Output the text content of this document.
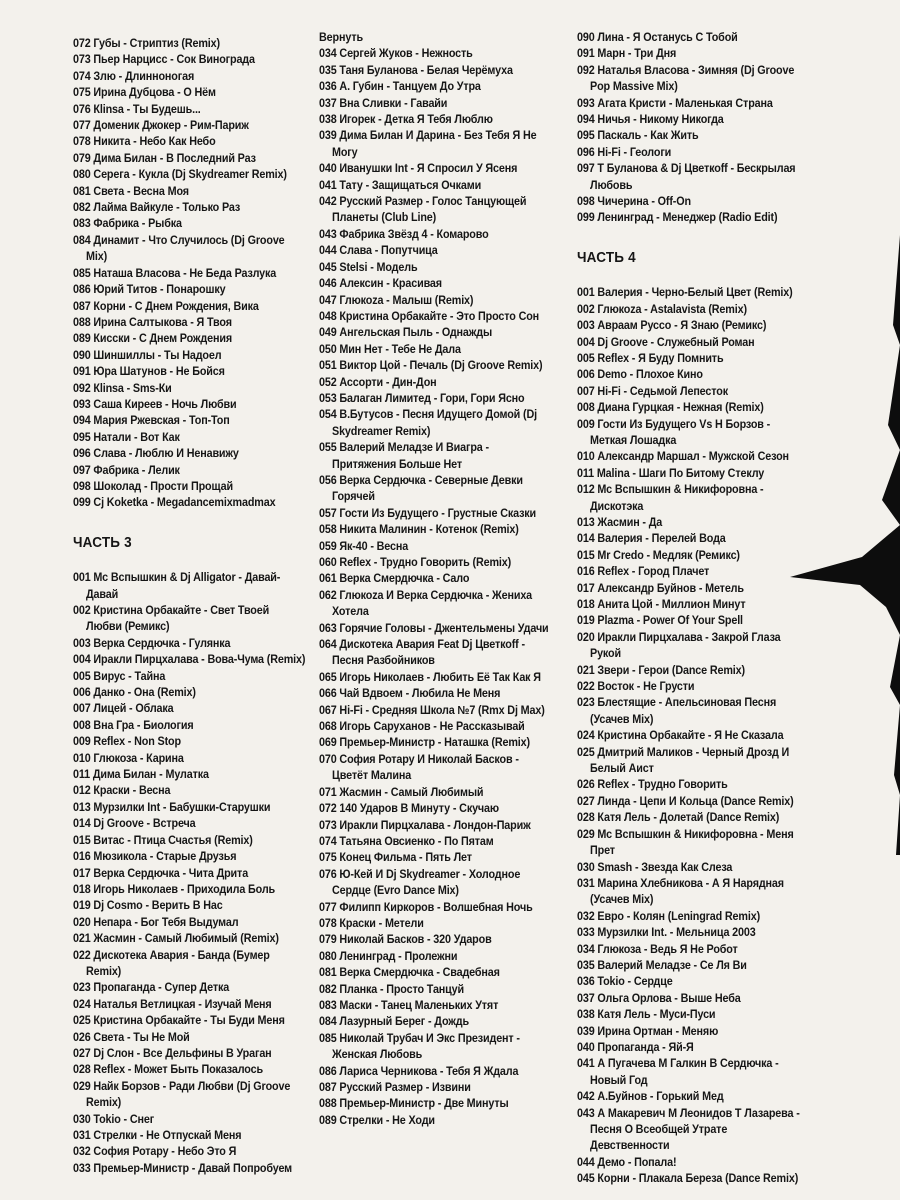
072 Губы - Стриптиз (Remix)

073 Пьер Нарцисс - Сок Винограда

074 Злю - Длинноногая

075 Ирина Дубцова - О Нём

076 Кlinsa - Ты Будешь...

077 Доменик Джокер - Рим-Париж

078 Никита - Небо Как Небо

079 Дима Билан - В Последний Раз

080 Серега - Кукла (Dj Skydreamer Remix)

081 Света - Весна Моя

082 Лайма Вайкуле - Только Раз

083 Фабрика - Рыбка

084 Динамит - Что Случилось (Dj Groove Mix)

085 Наташа Власова - Не Беда Разлука

086 Юрий Титов - Понарошку

087 Корни - С Днем Рождения, Вика

088 Ирина Салтыкова - Я Твоя

089 Кисски - С Днем Рождения

090 Шиншиллы - Ты Надоел

091 Юра Шатунов - Не Бойся

092 Кlinsa - Sms-Ки

093 Саша Киреев - Ночь Любви

094 Мария Ржевская - Топ-Топ

095 Натали - Вот Как

096 Слава - Люблю И Ненавижу

097 Фабрика - Лелик

098 Шоколад - Прости Прощай

099 Cj Koketka - Megadancemixmadmax

ЧАСТЬ 3

001 Мс Вспышкин & Dj Alligator - Давай-Давай

002 Кристина Орбакайте - Свет Твоей Любви (Ремикс)

003 Верка Сердючка - Гулянка

004 Иракли Пирцхалава - Вова-Чума (Remix)

005 Вирус - Тайна

006 Данко - Она (Remix)

007 Лицей - Облака

008 Вна Гра - Биология

009 Reflex - Non Stop

010 Глюкоза - Карина

011 Дима Билан - Мулатка

012 Краски - Весна

013 Мурзилки Int - Бабушки-Старушки

014 Dj Groove - Встреча

015 Витас - Птица Счастья (Remix)

016 Мюзикола - Старые Друзья

017 Верка Сердючка - Чита Дрита

018 Игорь Николаев - Приходила Боль

019 Dj Cosmo - Верить В Нас

020 Непара - Бог Тебя Выдумал

021 Жасмин - Самый Любимый (Remix)

022 Дискотека Авария - Банда (Бумер Remix)

023 Пропаганда - Супер Детка

024 Наталья Ветлицкая - Изучай Меня

025 Кристина Орбакайте - Ты Буди Меня

026 Света - Ты Не Мой

027 Dj Слон - Все Дельфины В Ураган

028 Reflex - Может Быть Показалось

029 Найк Борзов - Ради Любви (Dj Groove Remix)

030 Tokio - Снег

031 Стрелки - Не Отпускай Меня

032 София Ротару - Небо Это Я

033 Премьер-Министр - Давай Попробуем

Вернуть

034 Сергей Жуков - Нежность

035 Таня Буланова - Белая Черёмуха

036 А. Губин - Танцуем До Утра

037 Вна Сливки - Гавайи

038 Игорек - Детка Я Тебя Люблю

039 Дима Билан И Дарина - Без Тебя Я Не Могу

040 Иванушки Int - Я Спросил У Ясеня

041 Тату - Защищаться Очками

042 Русский Размер - Голос Танцующей Планеты (Club Line)

043 Фабрика Звёзд 4 - Комарово

044 Слава - Попутчица

045 Stelsi - Модель

046 Алексин - Красивая

047 Глюкоza - Малыш (Remix)

048 Кристина Орбакайте - Это Просто Сон

049 Ангельская Пыль - Однажды

050 Мин Нет - Тебе Не Дала

051 Виктор Цой - Печаль (Dj Groove Remix)

052 Ассорти - Дин-Дон

053 Балаган Лимитед - Гори, Гори Ясно

054 В.Бутусов - Песня Идущего Домой (Dj Skydreamer Remix)

055 Валерий Меладзе И Виагра - Притяжения Больше Нет

056 Верка Сердючка - Северные Девки Горячей

057 Гости Из Будущего - Грустные Сказки

058 Никита Малинин - Котенок (Remix)

059 Як-40 - Весна

060 Reflex - Трудно Говорить (Remix)

061 Верка Смердючка - Сало

062 Глюкоza И Верка Сердючка - Женихa Хотела

063 Горячие Головы - Джентельмены Удачи

064 Дискотека Авария Feat Dj Цветкоff - Песня Разбойников

065 Игорь Николаев - Любить Её Так Как Я

066 Чай Вдвоем - Любила Не Меня

067 Hi-Fi - Средняя Школа №7 (Rmx Dj Max)

068 Игорь Саруханов - Не Рассказывай

069 Премьер-Министр - Наташка (Remix)

070 София Ротару И Николай Басков - Цветёт Малина

071 Жасмин - Самый Любимый

072 140 Ударов В Минуту - Скучаю

073 Иракли Пирцхалава - Лондон-Париж

074 Татьяна Овсиенко - По Пятам

075 Конец Фильма - Пять Лет

076 Ю-Кей И Dj Skydreamer - Холодное Сердце (Evro Dance Mix)

077 Филипп Киркоров - Волшебная Ночь

078 Краски - Метели

079 Николай Басков - 320 Ударов

080 Ленинград - Пролежни

081 Верка Смердючка - Свадебная

082 Планка - Просто Танцуй

083 Маски - Танец Маленьких Утят

084 Лазурный Берег - Дождь

085 Николай Трубач И Экс Президент - Женская Любовь

086 Лариса Черникова - Тебя Я Ждала

087 Русский Размер - Извини

088 Премьер-Министр - Две Минуты

089 Стрелки - Не Ходи

090 Лина - Я Останусь С Тобой

091 Марн - Три Дня

092 Наталья Власова - Зимняя (Dj Groove Pop Massive Mix)

093 Агата Кристи - Маленькая Страна

094 Ничья - Никому Никогда

095 Паскаль - Как Жить

096 Hi-Fi - Геологи

097 Т Буланова & Dj Цветкоff - Бескрылая Любовь

098 Чичерина - Off-On

099 Ленинград - Менеджер (Radio Edit)

ЧАСТЬ 4

001 Валерия - Черно-Белый Цвет (Remix)

002 Глюкоza - Astalavista (Remix)

003 Авраам Руссо - Я Знаю (Ремикс)

004 Dj Groove - Служебный Роман

005 Reflex - Я Буду Помнить

006 Demo - Плохое Кино

007 Hi-Fi - Седьмой Лепесток

008 Диана Гурцкая - Нежная (Remix)

009 Гости Из Будущего Vs Н Борзов - Меткая Лошадка

010 Александр Маршал - Мужской Сезон

011 Malina - Шаги По Битому Стеклу

012 Мс Вспышкин & Никифоровна - Дискотэка

013 Жасмин - Да

014 Валерия - Перелей Вода

015 Mr Credo - Медляк (Ремикс)

016 Reflex - Город Плачет

017 Александр Буйнов - Метель

018 Анита Цой - Миллион Минут

019 Plazma - Power Of Your Spell

020 Иракли Пирцхалава - Закрой Глаза Рукой

021 Звери - Герои (Dance Remix)

022 Восток - Не Грусти

023 Блестящие - Апельсиновая Песня (Усачев Mix)

024 Кристина Орбакайте - Я Не Сказала

025 Дмитрий Маликов - Черный Дрозд И Белый Аист

026 Reflex - Трудно Говорить

027 Линда - Цепи И Кольца (Dance Remix)

028 Катя Лель - Долетай (Dance Remix)

029 Мс Вспышкин & Никифоровна - Меня Прет

030 Smash - Звезда Как Слеза

031 Марина Хлебникова - А Я Нарядная (Усачев Mix)

032 Евро - Колян (Leningrad Remix)

033 Мурзилки Int. - Мельница 2003

034 Глюкоза - Ведь Я Не Робот

035 Валерий Меладзе - Се Ля Ви

036 Tokio - Сердце

037 Ольга Орлова - Выше Неба

038 Катя Лель - Муси-Пуси

039 Ирина Ортман - Меняю

040 Пропаганда - Яй-Я

041 А Пугачева М Галкин В Сердючка - Новый Год

042 А.Буйнов - Горький Мед

043 А Макаревич М Леонидов Т Лазарева - Песня О Всеобщей Утрате Девственности

044 Демо - Попала!

045 Корни - Плакала Береза (Dance Remix)
